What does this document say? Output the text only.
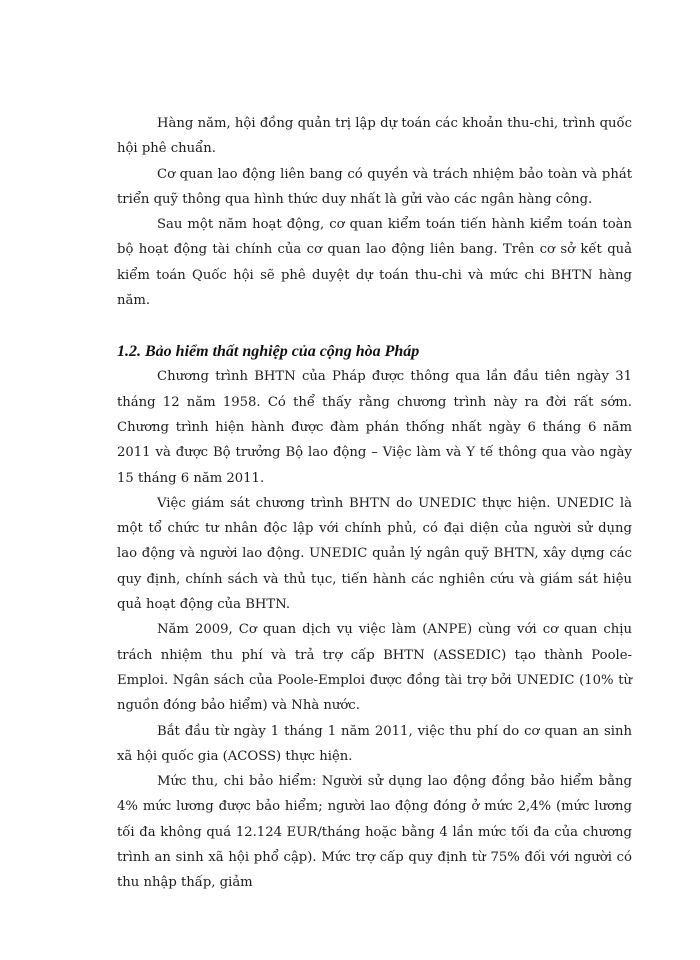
Hàng năm, hội đồng quản trị lập dự toán các khoản thu-chi, trình quốc hội phê chuẩn.

Cơ quan lao động liên bang có quyền và trách nhiệm bảo toàn và phát triển quỹ thông qua hình thức duy nhất là gửi vào các ngân hàng công.

Sau một năm hoạt động, cơ quan kiểm toán tiến hành kiểm toán toàn bộ hoạt động tài chính của cơ quan lao động liên bang. Trên cơ sở kết quả kiểm toán Quốc hội sẽ phê duyệt dự toán thu-chi và mức chi BHTN hàng năm.

1.2. Bảo hiểm thất nghiệp của cộng hòa Pháp

Chương trình BHTN của Pháp được thông qua lần đầu tiên ngày 31 tháng 12 năm 1958. Có thể thấy rằng chương trình này ra đời rất sớm. Chương trình hiện hành được đàm phán thống nhất ngày 6 tháng 6 năm 2011 và được Bộ trưởng Bộ lao động – Việc làm và Y tế thông qua vào ngày 15 tháng 6 năm 2011.

Việc giám sát chương trình BHTN do UNEDIC thực hiện. UNEDIC là một tổ chức tư nhân độc lập với chính phủ, có đại diện của người sử dụng lao động và người lao động. UNEDIC quản lý ngân quỹ BHTN, xây dựng các quy định, chính sách và thủ tục, tiến hành các nghiên cứu và giám sát hiệu quả hoạt động của BHTN.

Năm 2009, Cơ quan dịch vụ việc làm (ANPE) cùng với cơ quan chịu trách nhiệm thu phí và trả trợ cấp BHTN (ASSEDIC) tạo thành Poole-Emploi. Ngân sách của Poole-Emploi được đồng tài trợ bởi UNEDIC (10% từ nguồn đóng bảo hiểm) và Nhà nước.

Bắt đầu từ ngày 1 tháng 1 năm 2011, việc thu phí do cơ quan an sinh xã hội quốc gia (ACOSS) thực hiện.

Mức thu, chi bảo hiểm: Người sử dụng lao động đồng bảo hiểm bằng 4% mức lương được bảo hiểm; người lao động đóng ở mức 2,4% (mức lương tối đa không quá 12.124 EUR/tháng hoặc bằng 4 lần mức tối đa của chương trình an sinh xã hội phổ cập). Mức trợ cấp quy định từ 75% đối với người có thu nhập thấp, giảm
